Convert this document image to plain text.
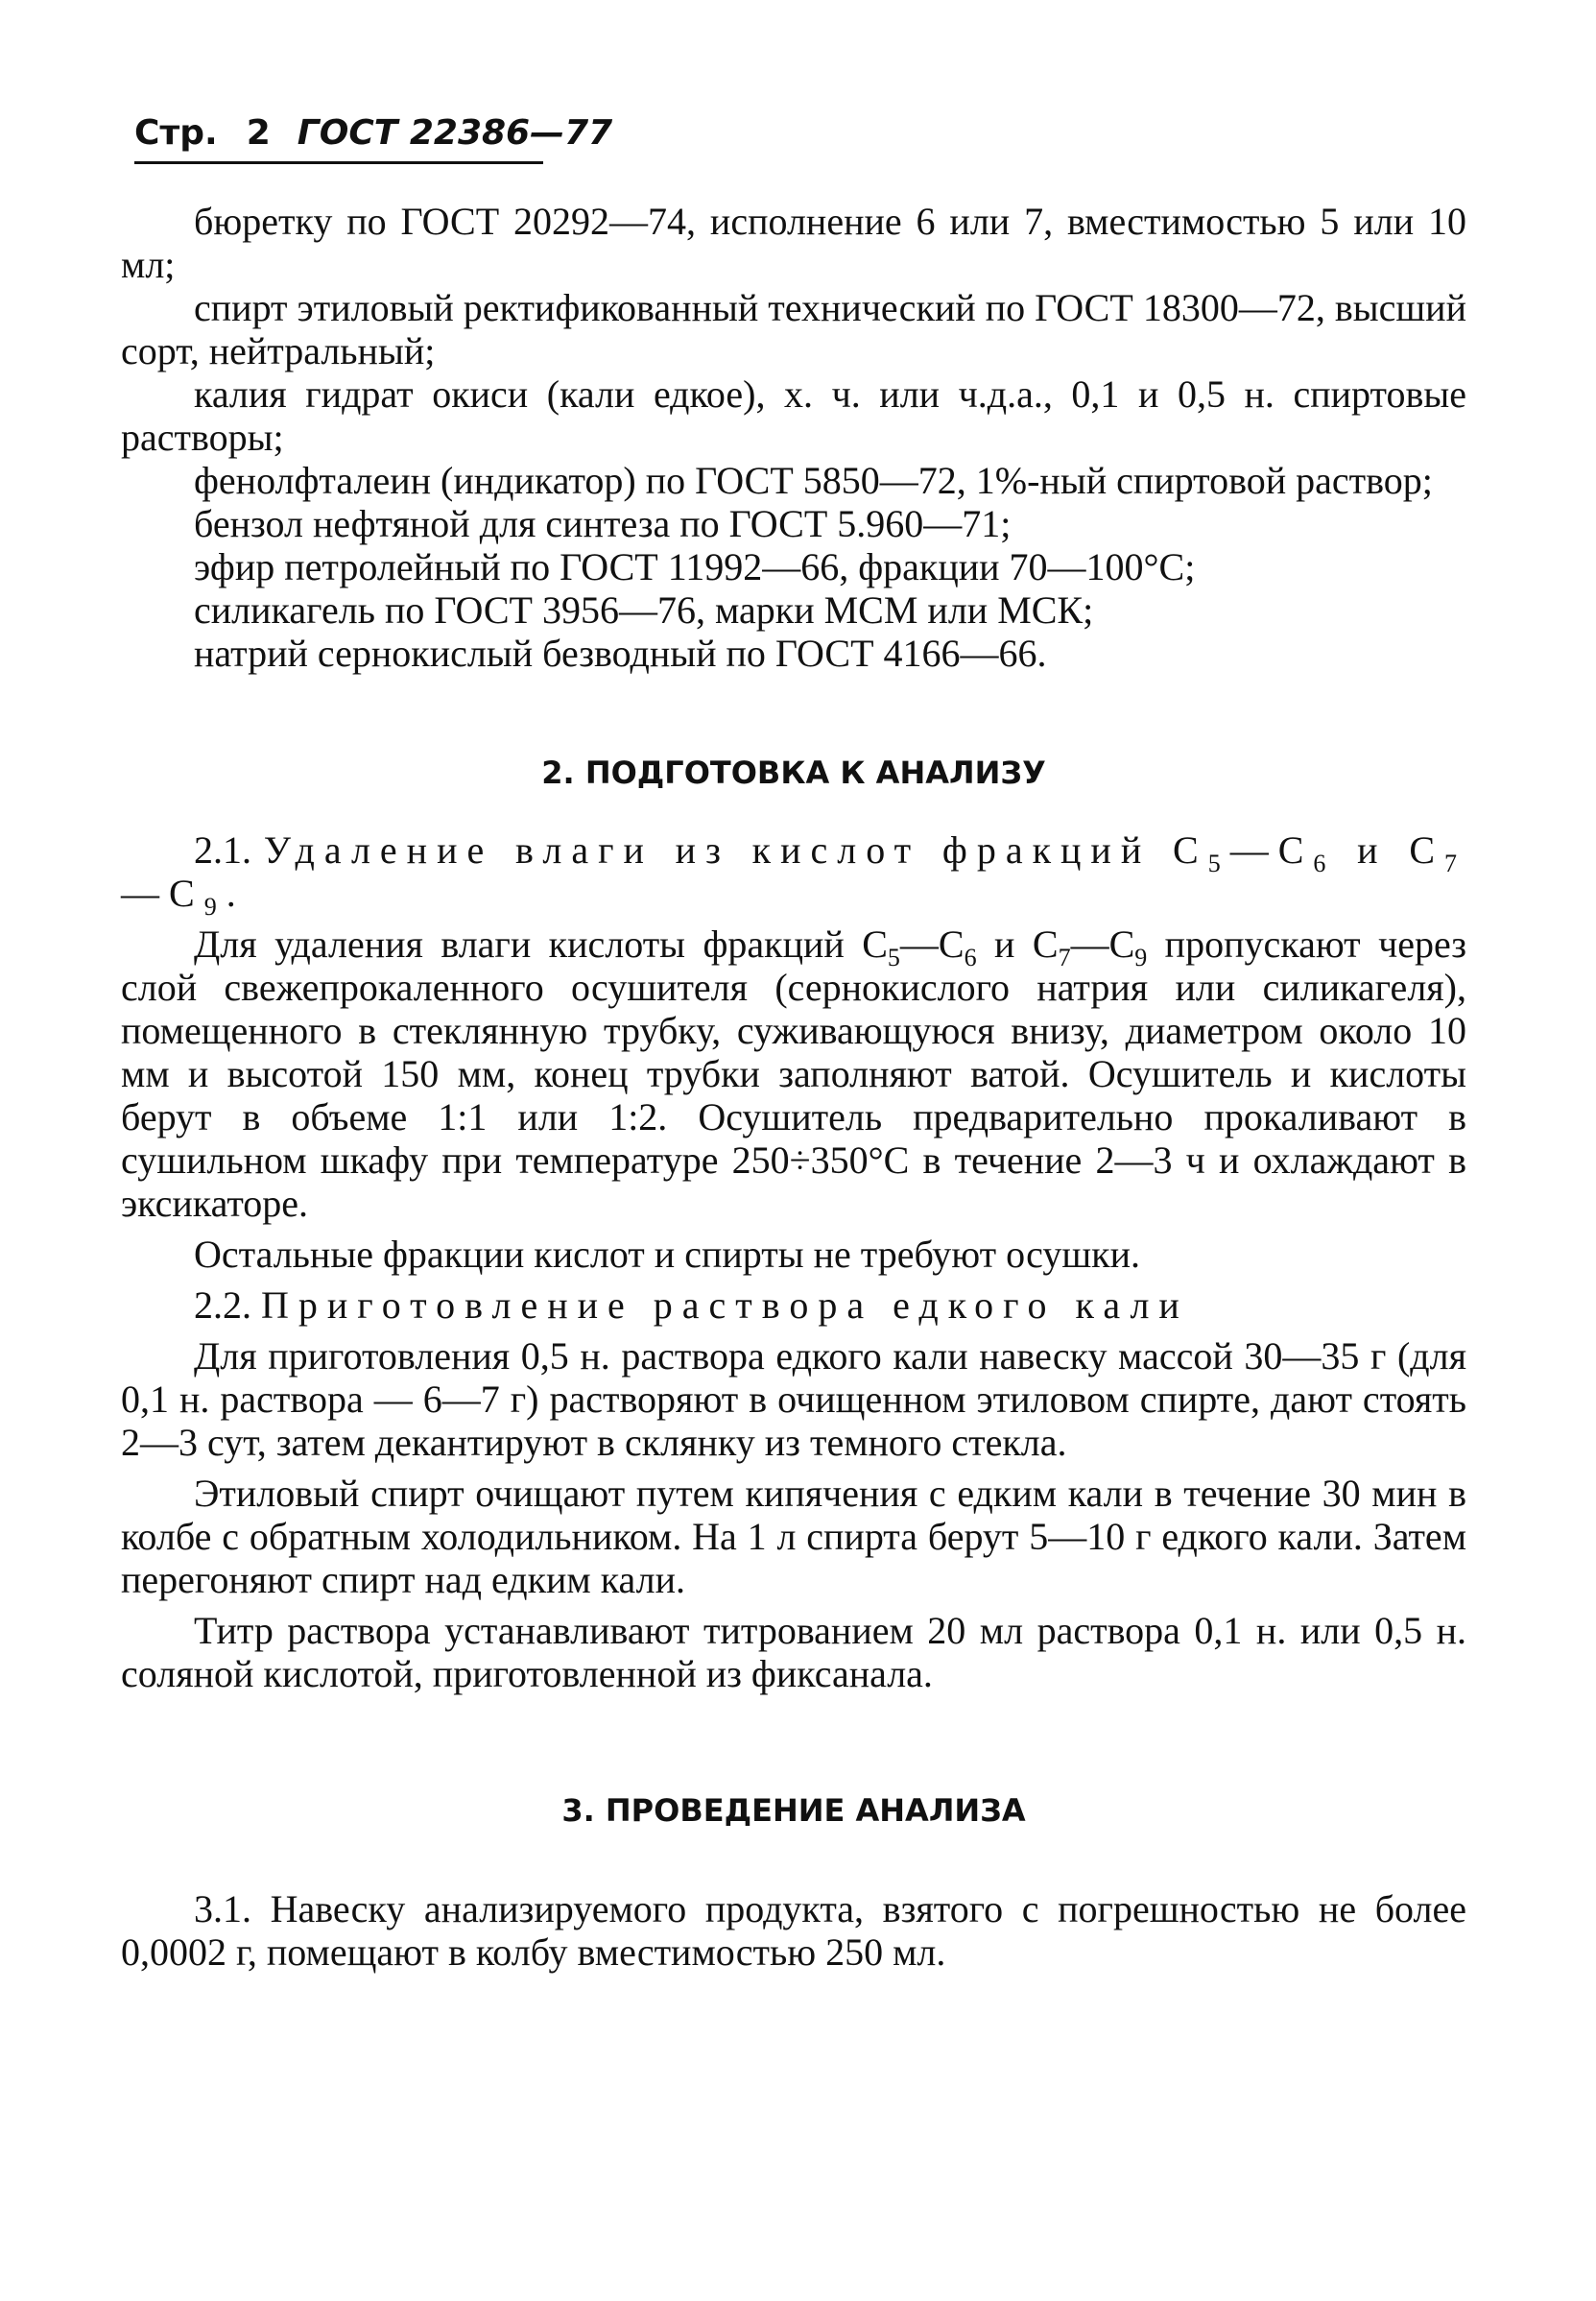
Стр. 2 ГОСТ 22386—77

бюретку по ГОСТ 20292—74, исполнение 6 или 7, вместимостью 5 или 10 мл;

спирт этиловый ректификованный технический по ГОСТ 18300—72, высший сорт, нейтральный;

калия гидрат окиси (кали едкое), х. ч. или ч.д.а., 0,1 и 0,5 н. спиртовые растворы;

фенолфталеин (индикатор) по ГОСТ 5850—72, 1%-ный спиртовой раствор;

бензол нефтяной для синтеза по ГОСТ 5.960—71;

эфир петролейный по ГОСТ 11992—66, фракции 70—100°С;

силикагель по ГОСТ 3956—76, марки МСМ или МСК;

натрий сернокислый безводный по ГОСТ 4166—66.

2. ПОДГОТОВКА К АНАЛИЗУ

2.1. Удаление влаги из кислот фракций $С_5—С_6$ и $С_7—С_9$.

Для удаления влаги кислоты фракций $С_5—С_6$ и $С_7—С_9$ пропускают через слой свежепрокаленного осушителя (сернокислого натрия или силикагеля), помещенного в стеклянную трубку, суживающуюся внизу, диаметром около 10 мм и высотой 150 мм, конец трубки заполняют ватой. Осушитель и кислоты берут в объеме 1:1 или 1:2. Осушитель предварительно прокаливают в сушильном шкафу при температуре 250÷350°С в течение 2—3 ч и охлаждают в эксикаторе.

Остальные фракции кислот и спирты не требуют осушки.

2.2. Приготовление раствора едкого кали

Для приготовления 0,5 н. раствора едкого кали навеску массой 30—35 г (для 0,1 н. раствора — 6—7 г) растворяют в очищенном этиловом спирте, дают стоять 2—3 сут, затем декантируют в склянку из темного стекла.

Этиловый спирт очищают путем кипячения с едким кали в течение 30 мин в колбе с обратным холодильником. На 1 л спирта берут 5—10 г едкого кали. Затем перегоняют спирт над едким кали.

Титр раствора устанавливают титрованием 20 мл раствора 0,1 н. или 0,5 н. соляной кислотой, приготовленной из фиксанала.

3. ПРОВЕДЕНИЕ АНАЛИЗА

3.1. Навеску анализируемого продукта, взятого с погрешностью не более 0,0002 г, помещают в колбу вместимостью 250 мл.
